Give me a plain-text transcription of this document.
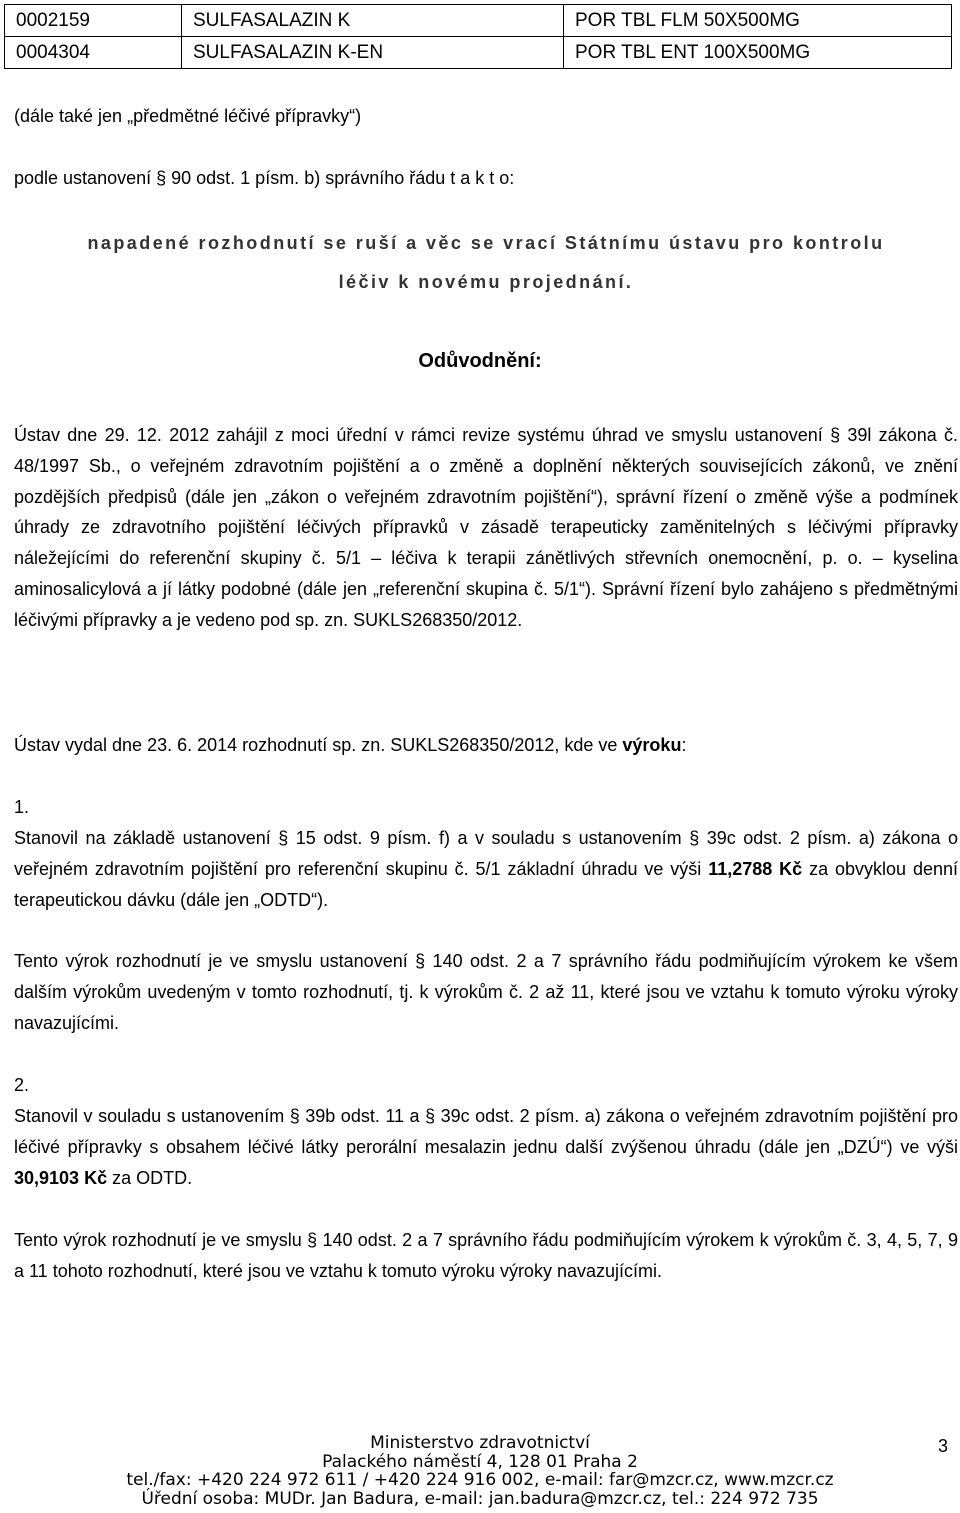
0002159	SULFASALAZIN K	POR TBL FLM 50X500MG
0004304	SULFASALAZIN K-EN	POR TBL ENT 100X500MG

(dále také jen „předmětné léčivé přípravky“)

podle ustanovení § 90 odst. 1 písm. b) správního řádu t a k t o:

napadené rozhodnutí se ruší a věc se vrací Státnímu ústavu pro kontrolu
léčiv k novému projednání.
Odůvodnění:

Ústav dne 29. 12. 2012 zahájil z moci úřední v rámci revize systému úhrad ve smyslu ustanovení § 39l zákona č. 48/1997 Sb., o veřejném zdravotním pojištění a o změně a doplnění některých souvisejících zákonů, ve znění pozdějších předpisů (dále jen „zákon o veřejném zdravotním pojištění“), správní řízení o změně výše a podmínek úhrady ze zdravotního pojištění léčivých přípravků v zásadě terapeuticky zaměnitelných s léčivými přípravky náležejícími do referenční skupiny č. 5/1 – léčiva k terapii zánětlivých střevních onemocnění, p. o. – kyselina aminosalicylová a jí látky podobné (dále jen „referenční skupina č. 5/1“). Správní řízení bylo zahájeno s předmětnými léčivými přípravky a je vedeno pod sp. zn. SUKLS268350/2012.

Ústav vydal dne 23. 6. 2014 rozhodnutí sp. zn. SUKLS268350/2012, kde ve výroku:

1.

Stanovil na základě ustanovení § 15 odst. 9 písm. f) a v souladu s ustanovením § 39c odst. 2 písm. a) zákona o veřejném zdravotním pojištění pro referenční skupinu č. 5/1 základní úhradu ve výši 11,2788 Kč za obvyklou denní terapeutickou dávku (dále jen „ODTD“).

Tento výrok rozhodnutí je ve smyslu ustanovení § 140 odst. 2 a 7 správního řádu podmiňujícím výrokem ke všem dalším výrokům uvedeným v tomto rozhodnutí, tj. k výrokům č. 2 až 11, které jsou ve vztahu k tomuto výroku výroky navazujícími.

2.

Stanovil v souladu s ustanovením § 39b odst. 11 a § 39c odst. 2 písm. a) zákona o veřejném zdravotním pojištění pro léčivé přípravky s obsahem léčivé látky perorální mesalazin jednu další zvýšenou úhradu (dále jen „DZÚ“) ve výši 30,9103 Kč za ODTD.

Tento výrok rozhodnutí je ve smyslu § 140 odst. 2 a 7 správního řádu podmiňujícím výrokem k výrokům č. 3, 4, 5, 7, 9 a 11 tohoto rozhodnutí, které jsou ve vztahu k tomuto výroku výroky navazujícími.

Ministerstvo zdravotnictví
Palackého náměstí 4, 128 01 Praha 2
tel./fax: +420 224 972 611 / +420 224 916 002, e-mail: far@mzcr.cz, www.mzcr.cz
Úřední osoba: MUDr. Jan Badura, e-mail: jan.badura@mzcr.cz, tel.: 224 972 735
3
